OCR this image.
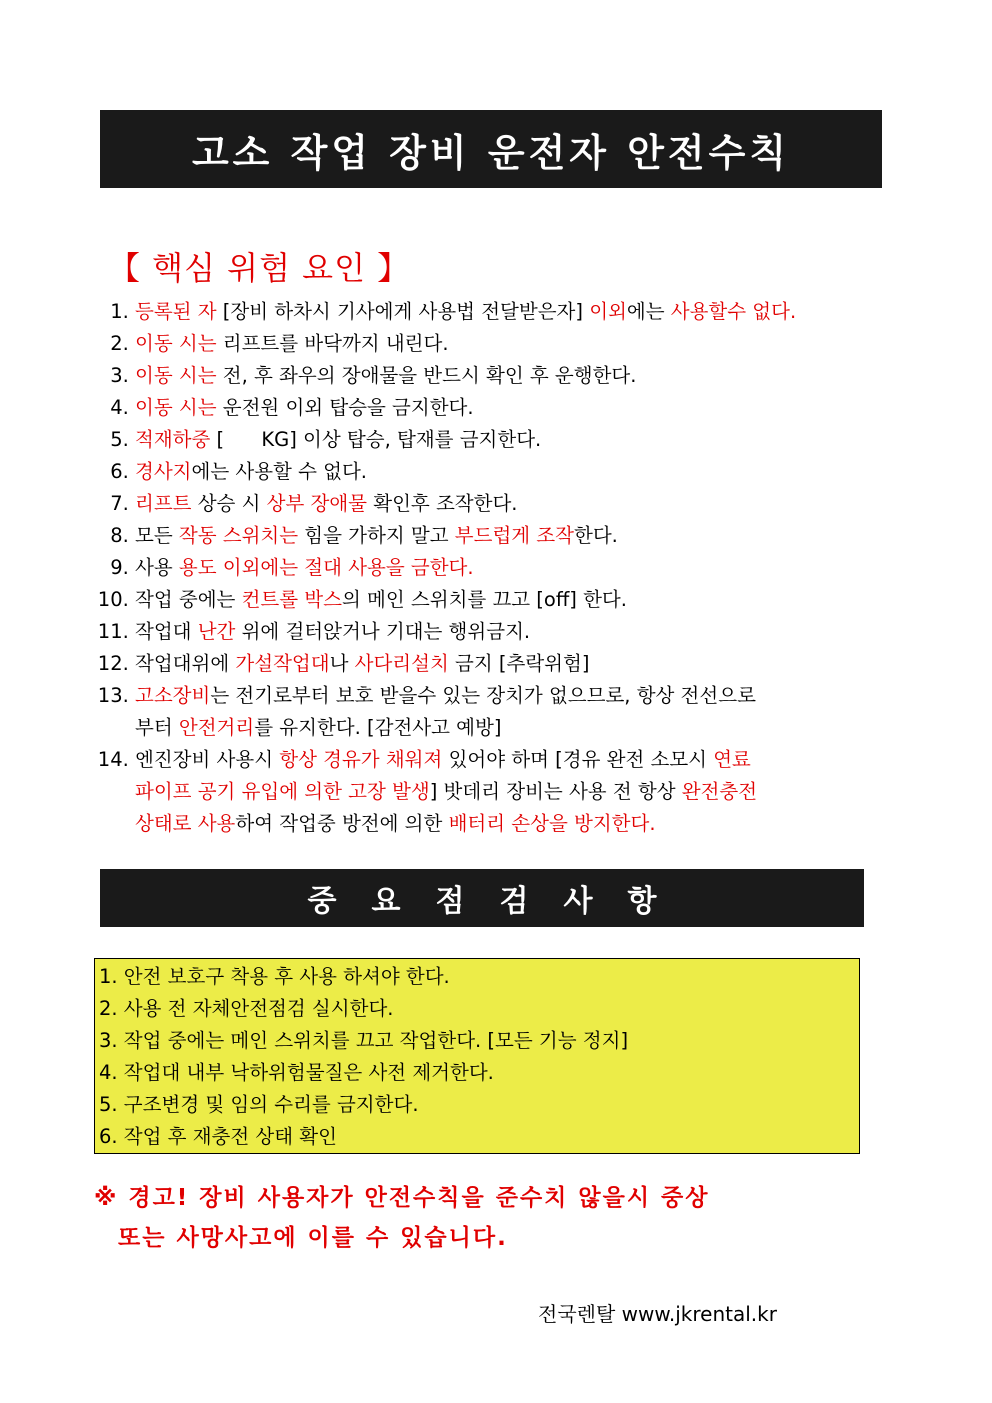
고소 작업 장비 운전자 안전수칙
【 핵심 위험 요인 】
1. 등록된 자 [장비 하차시 기사에게 사용법 전달받은자] 이외에는 사용할수 없다.
2. 이동 시는 리프트를 바닥까지 내린다.
3. 이동 시는 전, 후 좌우의 장애물을 반드시 확인 후 운행한다.
4. 이동 시는 운전원 이외 탑승을 금지한다.
5. 적재하중 [      KG] 이상 탑승, 탑재를 금지한다.
6. 경사지에는 사용할 수 없다.
7. 리프트 상승 시 상부 장애물 확인후 조작한다.
8. 모든 작동 스위치는 힘을 가하지 말고 부드럽게 조작한다.
9. 사용 용도 이외에는 절대 사용을 금한다.
10. 작업 중에는 컨트롤 박스의 메인 스위치를 끄고 [off] 한다.
11. 작업대 난간 위에 걸터앉거나 기대는 행위금지.
12. 작업대위에 가설작업대나 사다리설치 금지 [추락위험]
13. 고소장비는 전기로부터 보호 받을수 있는 장치가 없으므로, 항상 전선으로
부터 안전거리를 유지한다. [감전사고 예방]
14. 엔진장비 사용시 항상 경유가 채워져 있어야 하며 [경유 완전 소모시 연료
파이프 공기 유입에 의한 고장 발생] 밧데리 장비는 사용 전 항상 완전충전
상태로 사용하여 작업중 방전에 의한 배터리 손상을 방지한다.
중	요	점	검	사	항
1. 안전 보호구 착용 후 사용 하셔야 한다.
2. 사용 전 자체안전점검 실시한다.
3. 작업 중에는 메인 스위치를 끄고 작업한다. [모든 기능 정지]
4. 작업대 내부 낙하위험물질은 사전 제거한다.
5. 구조변경 및 임의 수리를 금지한다.
6. 작업 후 재충전 상태 확인
※ 경고! 장비 사용자가 안전수칙을 준수치 않을시 중상
또는 사망사고에 이를 수 있습니다.
전국렌탈 www.jkrental.kr
